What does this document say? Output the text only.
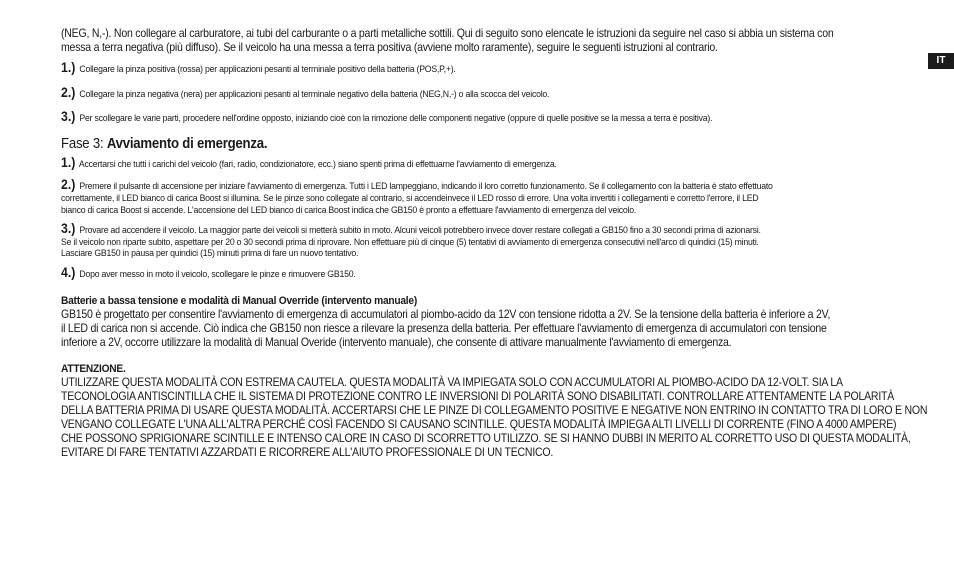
IT
(NEG, N,-). Non collegare al carburatore, ai tubi del carburante o a parti metalliche sottili. Qui di seguito sono elencate le istruzioni da seguire nel caso si abbia un sistema con
messa a terra negativa (più diffuso). Se il veicolo ha una messa a terra positiva (avviene molto raramente), seguire le seguenti istruzioni al contrario.
1.) Collegare la pinza positiva (rossa) per applicazioni pesanti al terminale positivo della batteria (POS,P,+).
2.) Collegare la pinza negativa (nera) per applicazioni pesanti al terminale negativo della batteria (NEG,N,-) o alla scocca del veicolo.
3.) Per scollegare le varie parti, procedere nell'ordine opposto, iniziando cioè con la rimozione delle componenti negative (oppure di quelle positive se la messa a terra è positiva).
Fase 3: Avviamento di emergenza.
1.) Accertarsi che tutti i carichi del veicolo (fari, radio, condizionatore, ecc.) siano spenti prima di effettuarne l'avviamento di emergenza.
2.) Premere il pulsante di accensione per iniziare l'avviamento di emergenza. Tutti i LED lampeggiano, indicando il loro corretto funzionamento. Se il collegamento con la batteria è stato effettuato
correttamente, il LED bianco di carica Boost si illumina. Se le pinze sono collegate al contrario, si accendeinvece il LED rosso di errore. Una volta invertiti i collegamenti e corretto l'errore, il LED
bianco di carica Boost si accende. L'accensione del LED bianco di carica Boost indica che GB150 è pronto a effettuare l'avviamento di emergenza del veicolo.
3.) Provare ad accendere il veicolo. La maggior parte dei veicoli si metterà subito in moto. Alcuni veicoli potrebbero invece dover restare collegati a GB150 fino a 30 secondi prima di azionarsi.
Se il veicolo non riparte subito, aspettare per 20 o 30 secondi prima di riprovare. Non effettuare più di cinque (5) tentativi di avviamento di emergenza consecutivi nell'arco di quindici (15) minuti.
Lasciare GB150 in pausa per quindici (15) minuti prima di fare un nuovo tentativo.
4.) Dopo aver messo in moto il veicolo, scollegare le pinze e rimuovere GB150.
Batterie a bassa tensione e modalità di Manual Override (intervento manuale)
GB150 è progettato per consentire l'avviamento di emergenza di accumulatori al piombo-acido da 12V con tensione ridotta a 2V. Se la tensione della batteria è inferiore a 2V,
il LED di carica non si accende. Ciò indica che GB150 non riesce a rilevare la presenza della batteria. Per effettuare l'avviamento di emergenza di accumulatori con tensione
inferiore a 2V, occorre utilizzare la modalità di Manual Overide (intervento manuale), che consente di attivare manualmente l'avviamento di emergenza.
ATTENZIONE.
UTILIZZARE QUESTA MODALITÀ CON ESTREMA CAUTELA. QUESTA MODALITÀ VA IMPIEGATA SOLO CON ACCUMULATORI AL PIOMBO-ACIDO DA 12-VOLT. SIA LA
TECONOLOGIA ANTISCINTILLA CHE IL SISTEMA DI PROTEZIONE CONTRO LE INVERSIONI DI POLARITÀ SONO DISABILITATI. CONTROLLARE ATTENTAMENTE LA POLARITÀ
DELLA BATTERIA PRIMA DI USARE QUESTA MODALITÀ. ACCERTARSI CHE LE PINZE DI COLLEGAMENTO POSITIVE E NEGATIVE NON ENTRINO IN CONTATTO TRA DI LORO E NON
VENGANO COLLEGATE L'UNA ALL'ALTRA PERCHÉ COSÌ FACENDO SI CAUSANO SCINTILLE. QUESTA MODALITÀ IMPIEGA ALTI LIVELLI DI CORRENTE (FINO A 4000 AMPERE)
CHE POSSONO SPRIGIONARE SCINTILLE E INTENSO CALORE IN CASO DI SCORRETTO UTILIZZO. SE SI HANNO DUBBI IN MERITO AL CORRETTO USO DI QUESTA MODALITÀ,
EVITARE DI FARE TENTATIVI AZZARDATI E RICORRERE ALL'AIUTO PROFESSIONALE DI UN TECNICO.
